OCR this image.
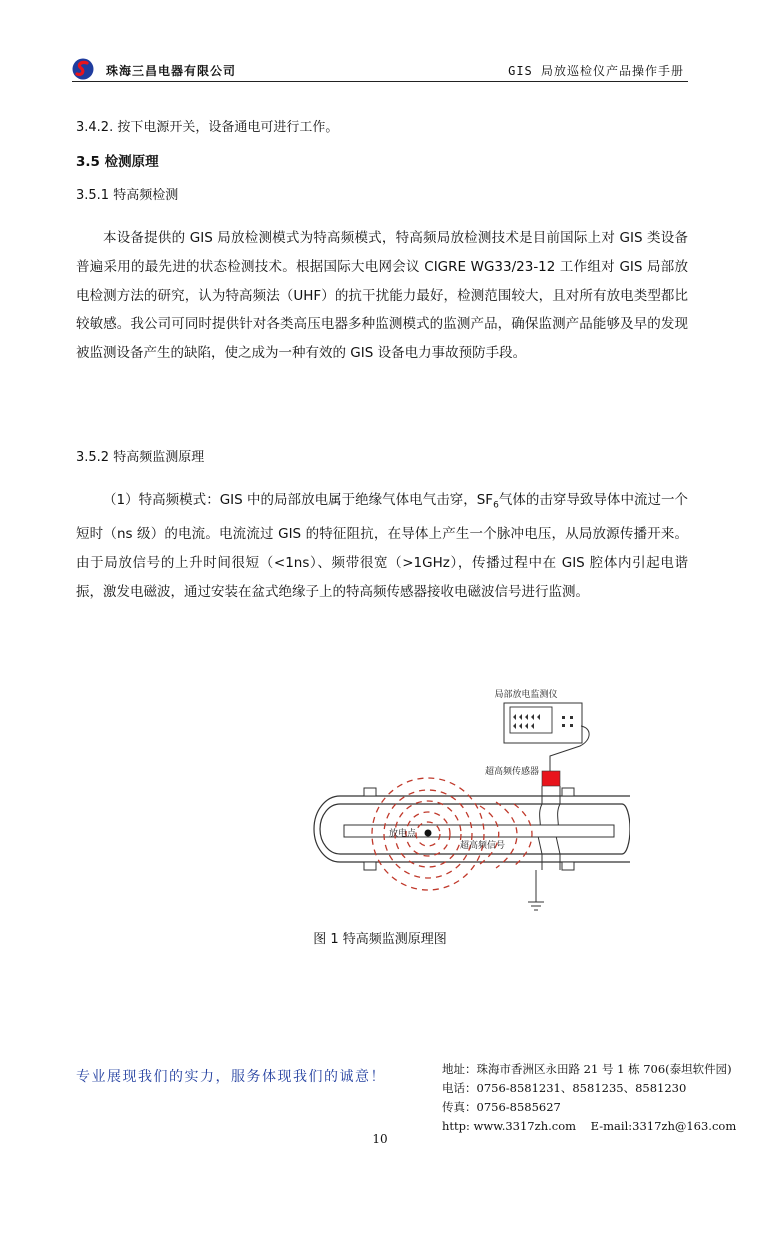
珠海三昌电器有限公司	GIS 局放巡检仪产品操作手册
3.4.2. 按下电源开关，设备通电可进行工作。
3.5 检测原理
3.5.1 特高频检测
本设备提供的 GIS 局放检测模式为特高频模式，特高频局放检测技术是目前国际上对 GIS 类设备普遍采用的最先进的状态检测技术。根据国际大电网会议 CIGRE WG33/23-12 工作组对 GIS 局部放电检测方法的研究，认为特高频法（UHF）的抗干扰能力最好，检测范围较大，且对所有放电类型都比较敏感。我公司可同时提供针对各类高压电器多种监测模式的监测产品，确保监测产品能够及早的发现被监测设备产生的缺陷，使之成为一种有效的 GIS 设备电力事故预防手段。
3.5.2 特高频监测原理
（1）特高频模式：GIS 中的局部放电属于绝缘气体电气击穿，$SF_6$气体的击穿导致导体中流过一个短时（ns 级）的电流。电流流过 GIS 的特征阻抗，在导体上产生一个脉冲电压，从局放源传播开来。由于局放信号的上升时间很短（<1ns）、频带很宽（>1GHz），传播过程中在 GIS 腔体内引起电谐振，激发电磁波，通过安装在盆式绝缘子上的特高频传感器接收电磁波信号进行监测。
局部放电监测仪
超高频传感器
放电点
超高频信号
图 1 特高频监测原理图
专业展现我们的实力，服务体现我们的诚意！	地址：珠海市香洲区永田路 21 号 1 栋 706(泰坦软件园)
电话：0756-8581231、8581235、8581230
传真：0756-8585627
http: www.3317zh.com    E-mail:3317zh@163.com
10
